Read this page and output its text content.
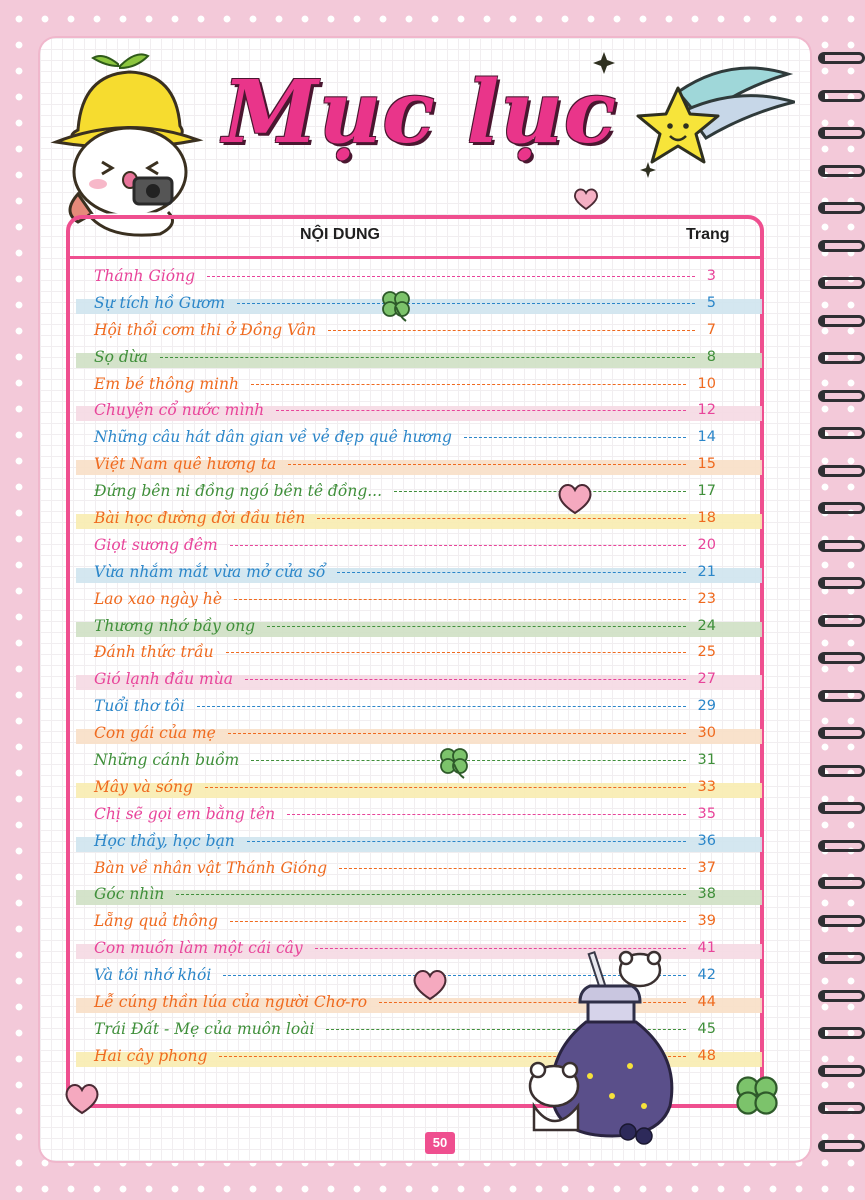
Mục lục
NỘI DUNG	Trang
Thánh Gióng	3
Sự tích hồ Gươm	5
Hội thổi cơm thi ở Đồng Vân	7
Sọ dừa	8
Em bé thông minh	10
Chuyện cổ nước mình	12
Những câu hát dân gian về vẻ đẹp quê hương	14
Việt Nam quê hương ta	15
Đứng bên ni đồng ngó bên tê đồng...	17
Bài học đường đời đầu tiên	18
Giọt sương đêm	20
Vừa nhắm mắt vừa mở cửa sổ	21
Lao xao ngày hè	23
Thương nhớ bầy ong	24
Đánh thức trầu	25
Gió lạnh đầu mùa	27
Tuổi thơ tôi	29
Con gái của mẹ	30
Những cánh buồm	31
Mây và sóng	33
Chị sẽ gọi em bằng tên	35
Học thầy, học bạn	36
Bàn về nhân vật Thánh Gióng	37
Góc nhìn	38
Lẵng quả thông	39
Con muốn làm một cái cây	41
Và tôi nhớ khói	42
Lễ cúng thần lúa của người Chơ-ro	44
Trái Đất - Mẹ của muôn loài	45
Hai cây phong	48
50
